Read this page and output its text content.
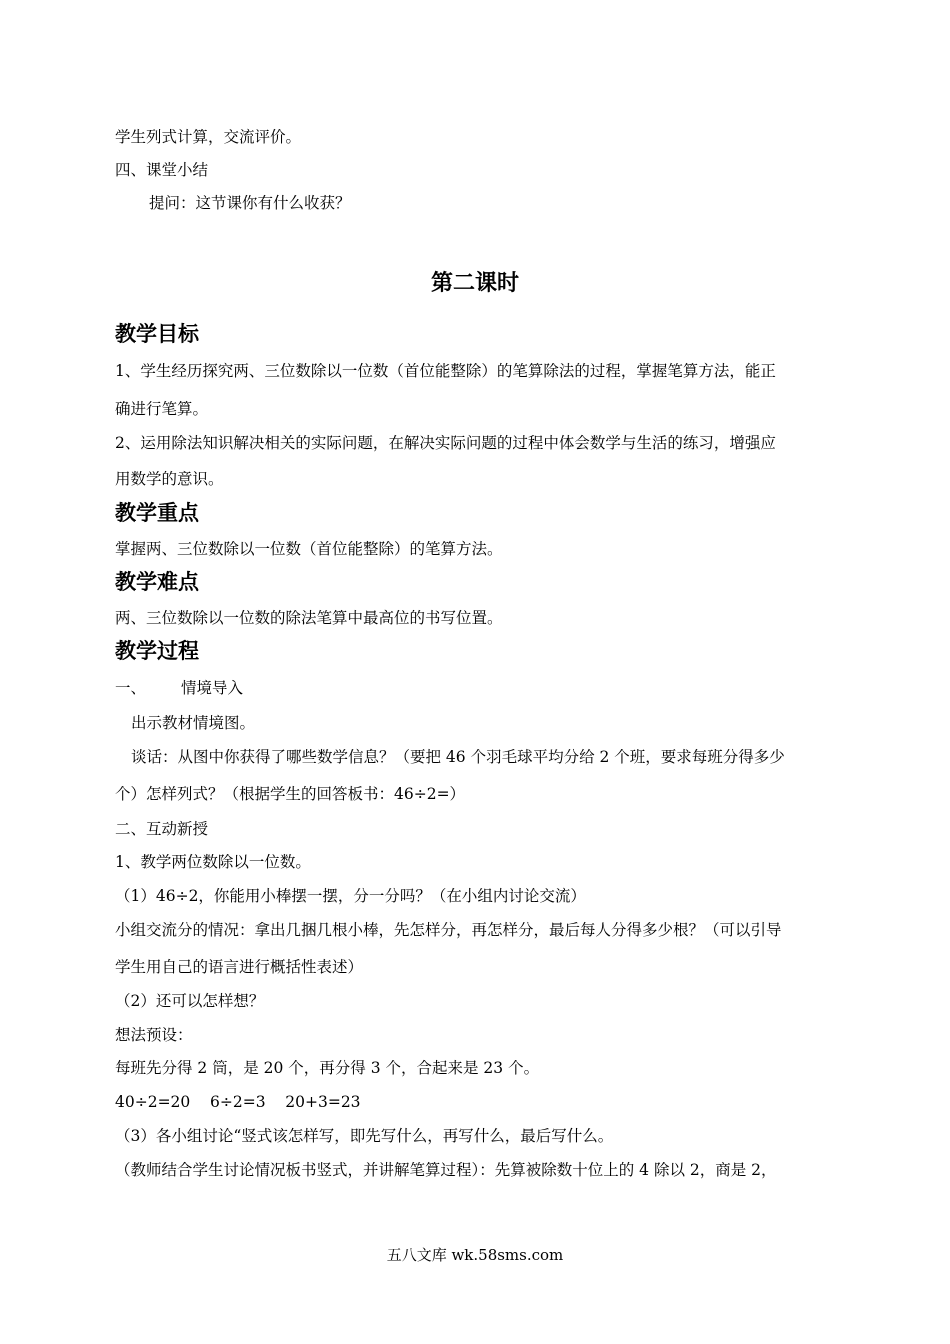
学生列式计算，交流评价。
四、课堂小结
提问：这节课你有什么收获？
第二课时
教学目标
1、学生经历探究两、三位数除以一位数（首位能整除）的笔算除法的过程，掌握笔算方法，能正
确进行笔算。
2、运用除法知识解决相关的实际问题，在解决实际问题的过程中体会数学与生活的练习，增强应
用数学的意识。
教学重点
掌握两、三位数除以一位数（首位能整除）的笔算方法。
教学难点
两、三位数除以一位数的除法笔算中最高位的书写位置。
教学过程
一、 情境导入
出示教材情境图。
谈话：从图中你获得了哪些数学信息？（要把 46 个羽毛球平均分给 2 个班，要求每班分得多少
个）怎样列式？（根据学生的回答板书：46÷2=）
二、互动新授
1、教学两位数除以一位数。
（1）46÷2，你能用小棒摆一摆，分一分吗？（在小组内讨论交流）
小组交流分的情况：拿出几捆几根小棒，先怎样分，再怎样分，最后每人分得多少根？（可以引导
学生用自己的语言进行概括性表述）
（2）还可以怎样想？
想法预设：
每班先分得 2 筒，是 20 个，再分得 3 个，合起来是 23 个。
40÷2=20    6÷2=3    20+3=23
（3）各小组讨论“竖式该怎样写，即先写什么，再写什么，最后写什么。
（教师结合学生讨论情况板书竖式，并讲解笔算过程）：先算被除数十位上的 4 除以 2，商是 2，
五八文库 wk.58sms.com
